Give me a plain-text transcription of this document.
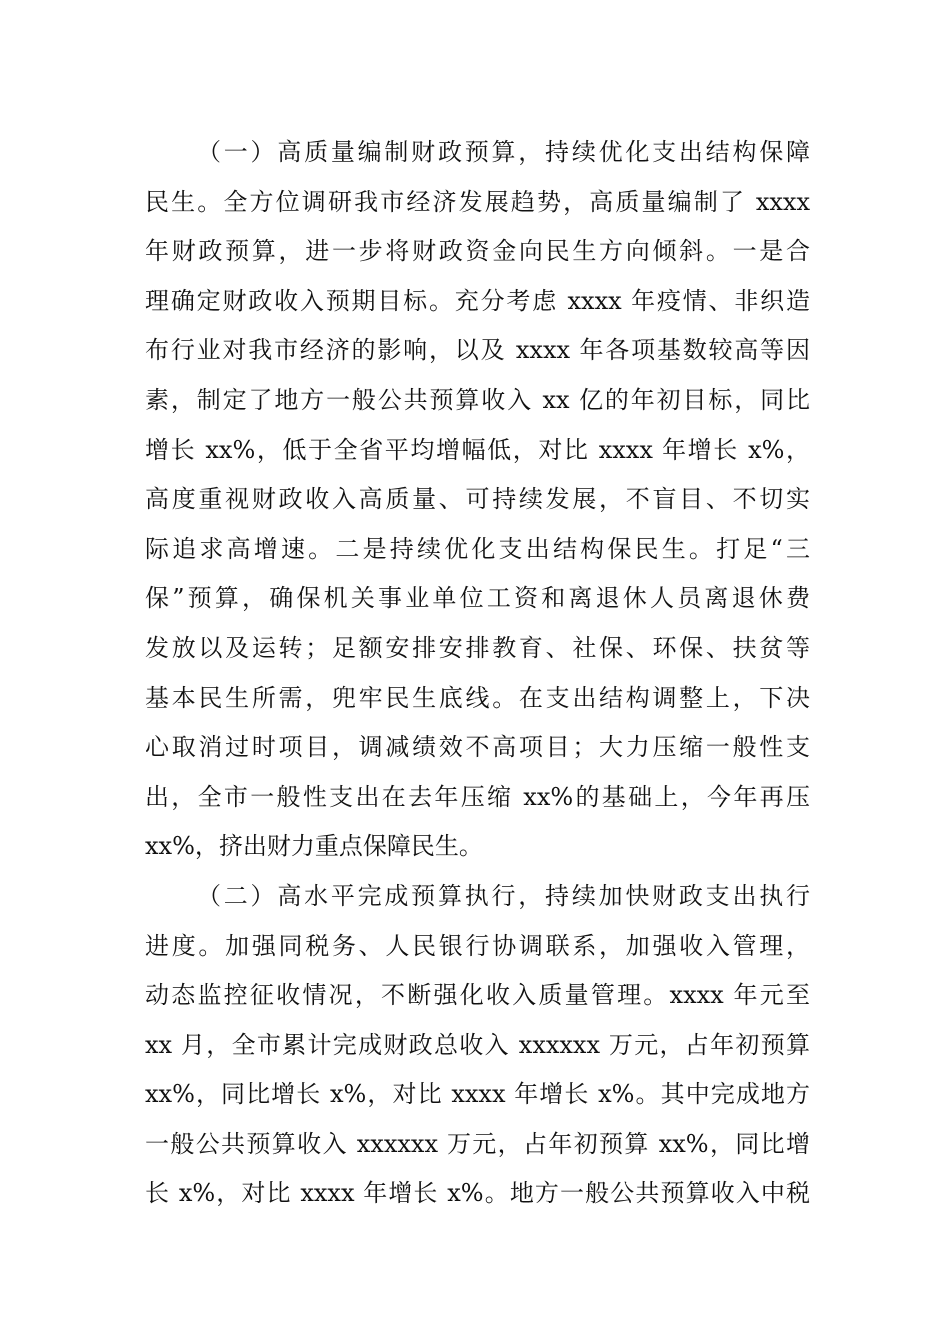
（一）高质量编制财政预算，持续优化支出结构保障
民生。全方位调研我市经济发展趋势，高质量编制了 xxxx
年财政预算，进一步将财政资金向民生方向倾斜。一是合
理确定财政收入预期目标。充分考虑 xxxx 年疫情、非织造
布行业对我市经济的影响，以及 xxxx 年各项基数较高等因
素，制定了地方一般公共预算收入 xx 亿的年初目标，同比
增长 xx%，低于全省平均增幅低，对比 xxxx 年增长 x%，
高度重视财政收入高质量、可持续发展，不盲目、不切实
际追求高增速。二是持续优化支出结构保民生。打足“三
保”预算，确保机关事业单位工资和离退休人员离退休费
发放以及运转；足额安排安排教育、社保、环保、扶贫等
基本民生所需，兜牢民生底线。在支出结构调整上，下决
心取消过时项目，调减绩效不高项目；大力压缩一般性支
出，全市一般性支出在去年压缩 xx%的基础上，今年再压
xx%，挤出财力重点保障民生。
（二）高水平完成预算执行，持续加快财政支出执行
进度。加强同税务、人民银行协调联系，加强收入管理，
动态监控征收情况，不断强化收入质量管理。xxxx 年元至
xx 月，全市累计完成财政总收入 xxxxxx 万元，占年初预算
xx%，同比增长 x%，对比 xxxx 年增长 x%。其中完成地方
一般公共预算收入 xxxxxx 万元，占年初预算 xx%，同比增
长 x%，对比 xxxx 年增长 x%。地方一般公共预算收入中税
